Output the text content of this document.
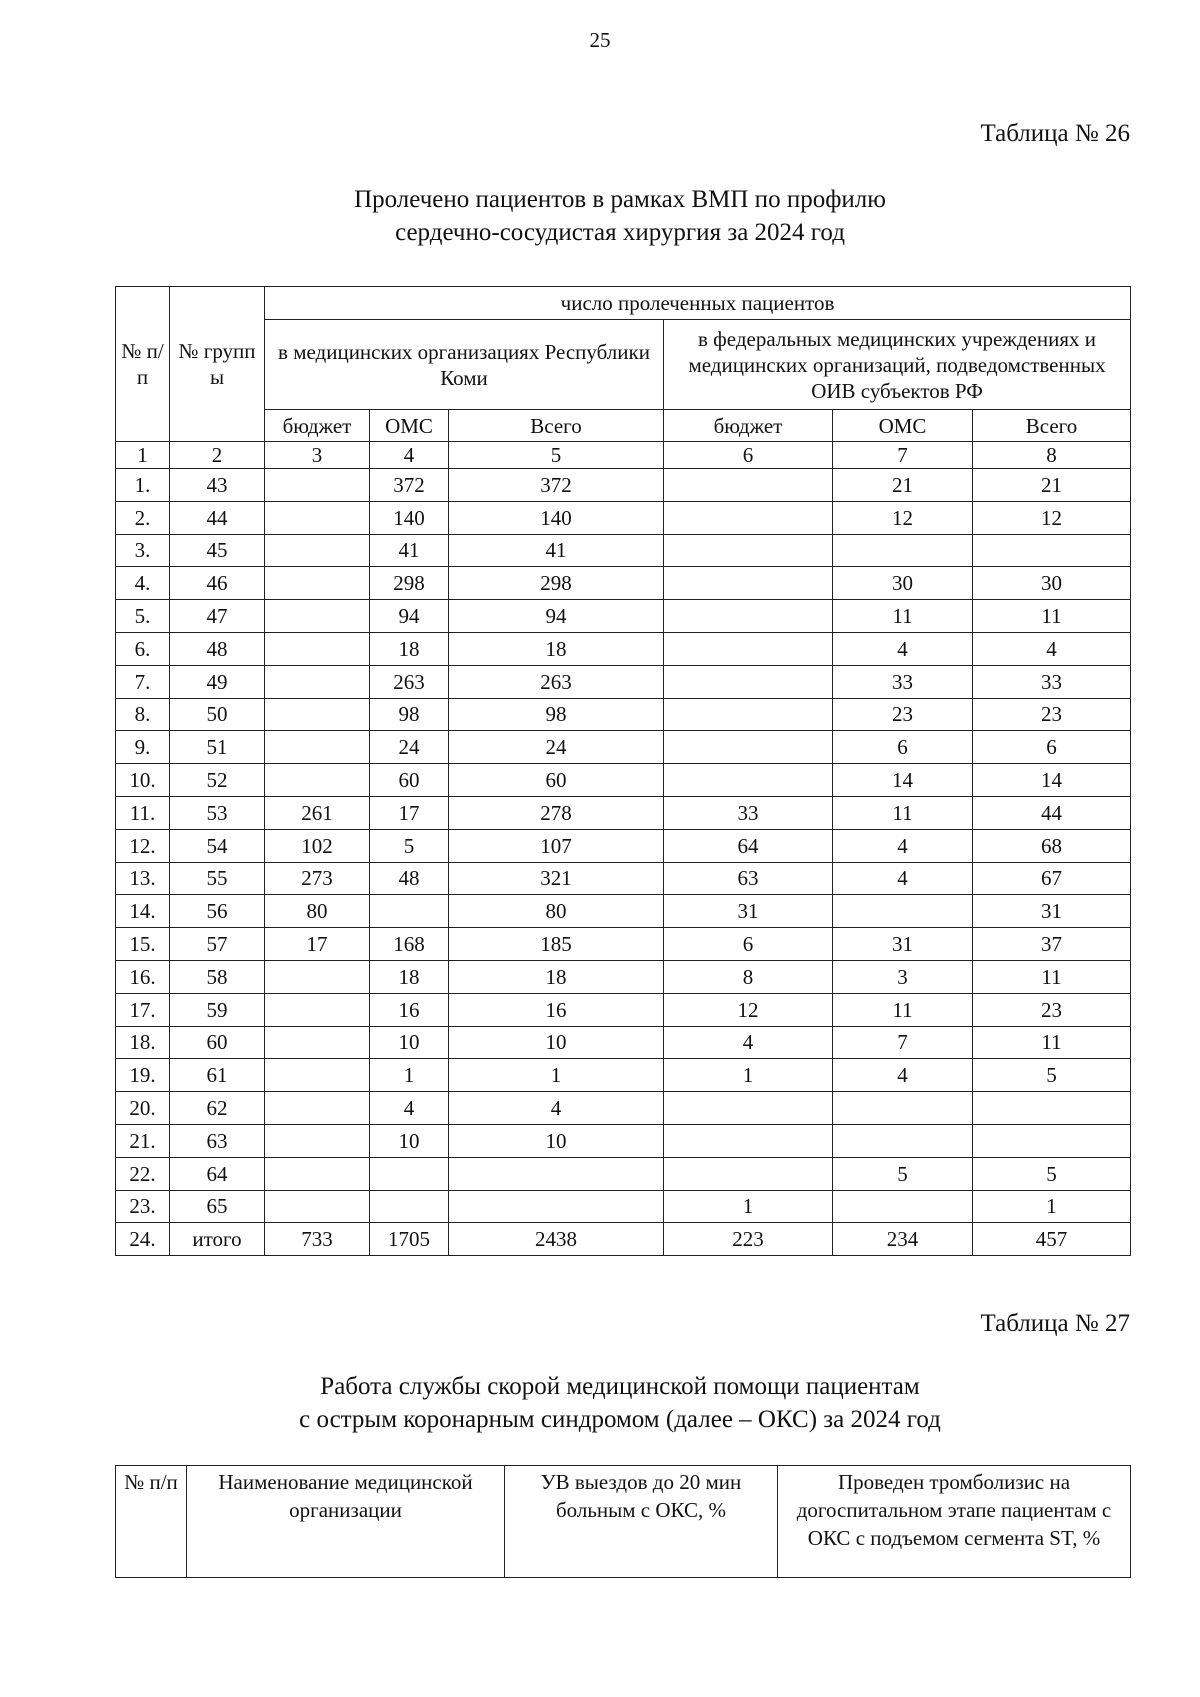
25
Таблица № 26
Пролечено пациентов в рамках ВМП по профилю
сердечно-сосудистая хирургия за 2024 год
№ п/ п	№ групп ы	число пролеченных пациентов					
		в медицинских организациях Республики Коми			в федеральных медицинских учреждениях и медицинских организаций, подведомственных ОИВ субъектов РФ		
		бюджет	ОМС	Всего	бюджет	ОМС	Всего
1	2	3	4	5	6	7	8
1.	43		372	372		21	21
2.	44		140	140		12	12
3.	45		41	41			
4.	46		298	298		30	30
5.	47		94	94		11	11
6.	48		18	18		4	4
7.	49		263	263		33	33
8.	50		98	98		23	23
9.	51		24	24		6	6
10.	52		60	60		14	14
11.	53	261	17	278	33	11	44
12.	54	102	5	107	64	4	68
13.	55	273	48	321	63	4	67
14.	56	80		80	31		31
15.	57	17	168	185	6	31	37
16.	58		18	18	8	3	11
17.	59		16	16	12	11	23
18.	60		10	10	4	7	11
19.	61		1	1	1	4	5
20.	62		4	4			
21.	63		10	10			
22.	64					5	5
23.	65				1		1
24.	итого	733	1705	2438	223	234	457
Таблица № 27
Работа службы скорой медицинской помощи пациентам
с острым коронарным синдромом (далее – ОКС) за 2024 год
№ п/п	Наименование медицинской организации	УВ выездов до 20 мин больным с ОКС, %	Проведен тромболизис на догоспитальном этапе пациентам с ОКС с подъемом сегмента ST, %
